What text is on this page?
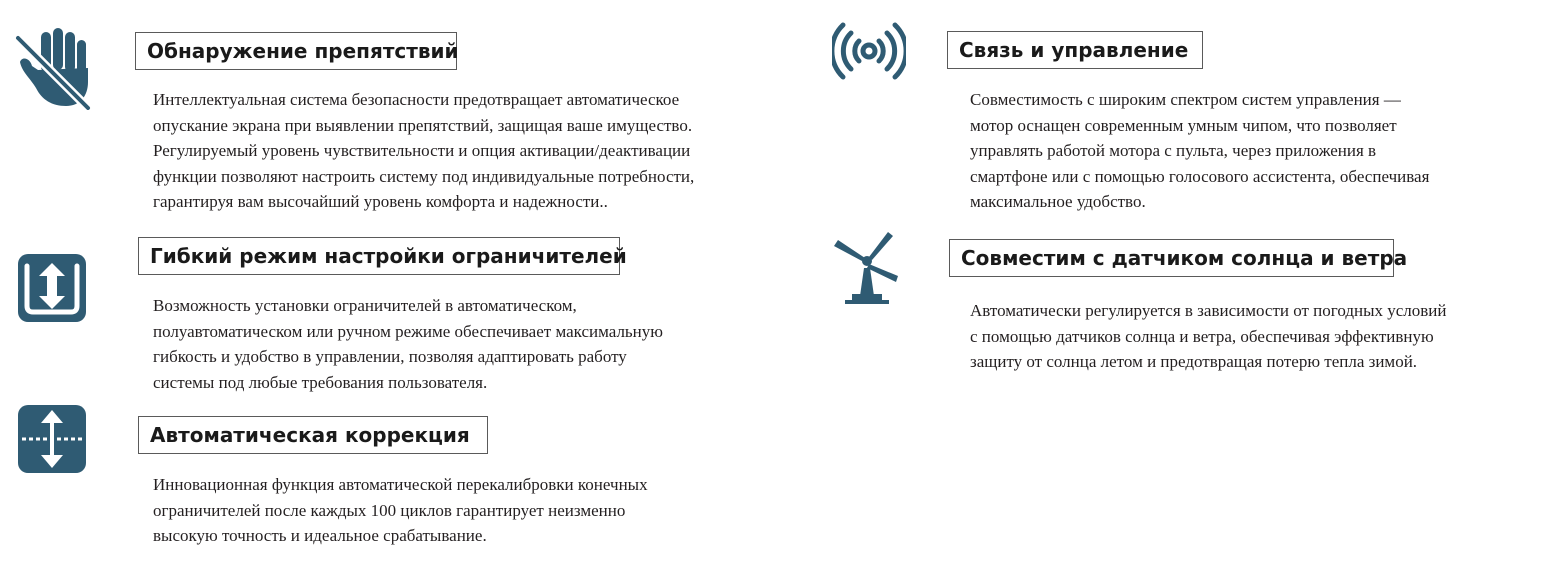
Обнаружение препятствий
Интеллектуальная система безопасности предотвращает автоматическое
опускание экрана при выявлении препятствий, защищая ваше имущество.
Регулируемый уровень чувствительности и опция активации/деактивации
функции позволяют настроить систему под индивидуальные потребности,
гарантируя вам высочайший уровень комфорта и надежности..
Гибкий режим настройки ограничителей
Возможность установки ограничителей в автоматическом,
полуавтоматическом или ручном режиме обеспечивает максимальную
гибкость и удобство в управлении, позволяя адаптировать работу
системы под любые требования пользователя.
Автоматическая коррекция
Инновационная функция автоматической перекалибровки конечных
ограничителей после каждых 100 циклов гарантирует неизменно
высокую точность и идеальное срабатывание.
Связь и управление
Совместимость с широким спектром систем управления —
мотор оснащен современным умным чипом, что позволяет
управлять работой мотора с пульта, через приложения в
смартфоне или с помощью голосового ассистента, обеспечивая
максимальное удобство.
Совместим с датчиком солнца и ветра
Автоматически регулируется в зависимости от погодных условий
с помощью датчиков солнца и ветра, обеспечивая эффективную
защиту от солнца летом и предотвращая потерю тепла зимой.
